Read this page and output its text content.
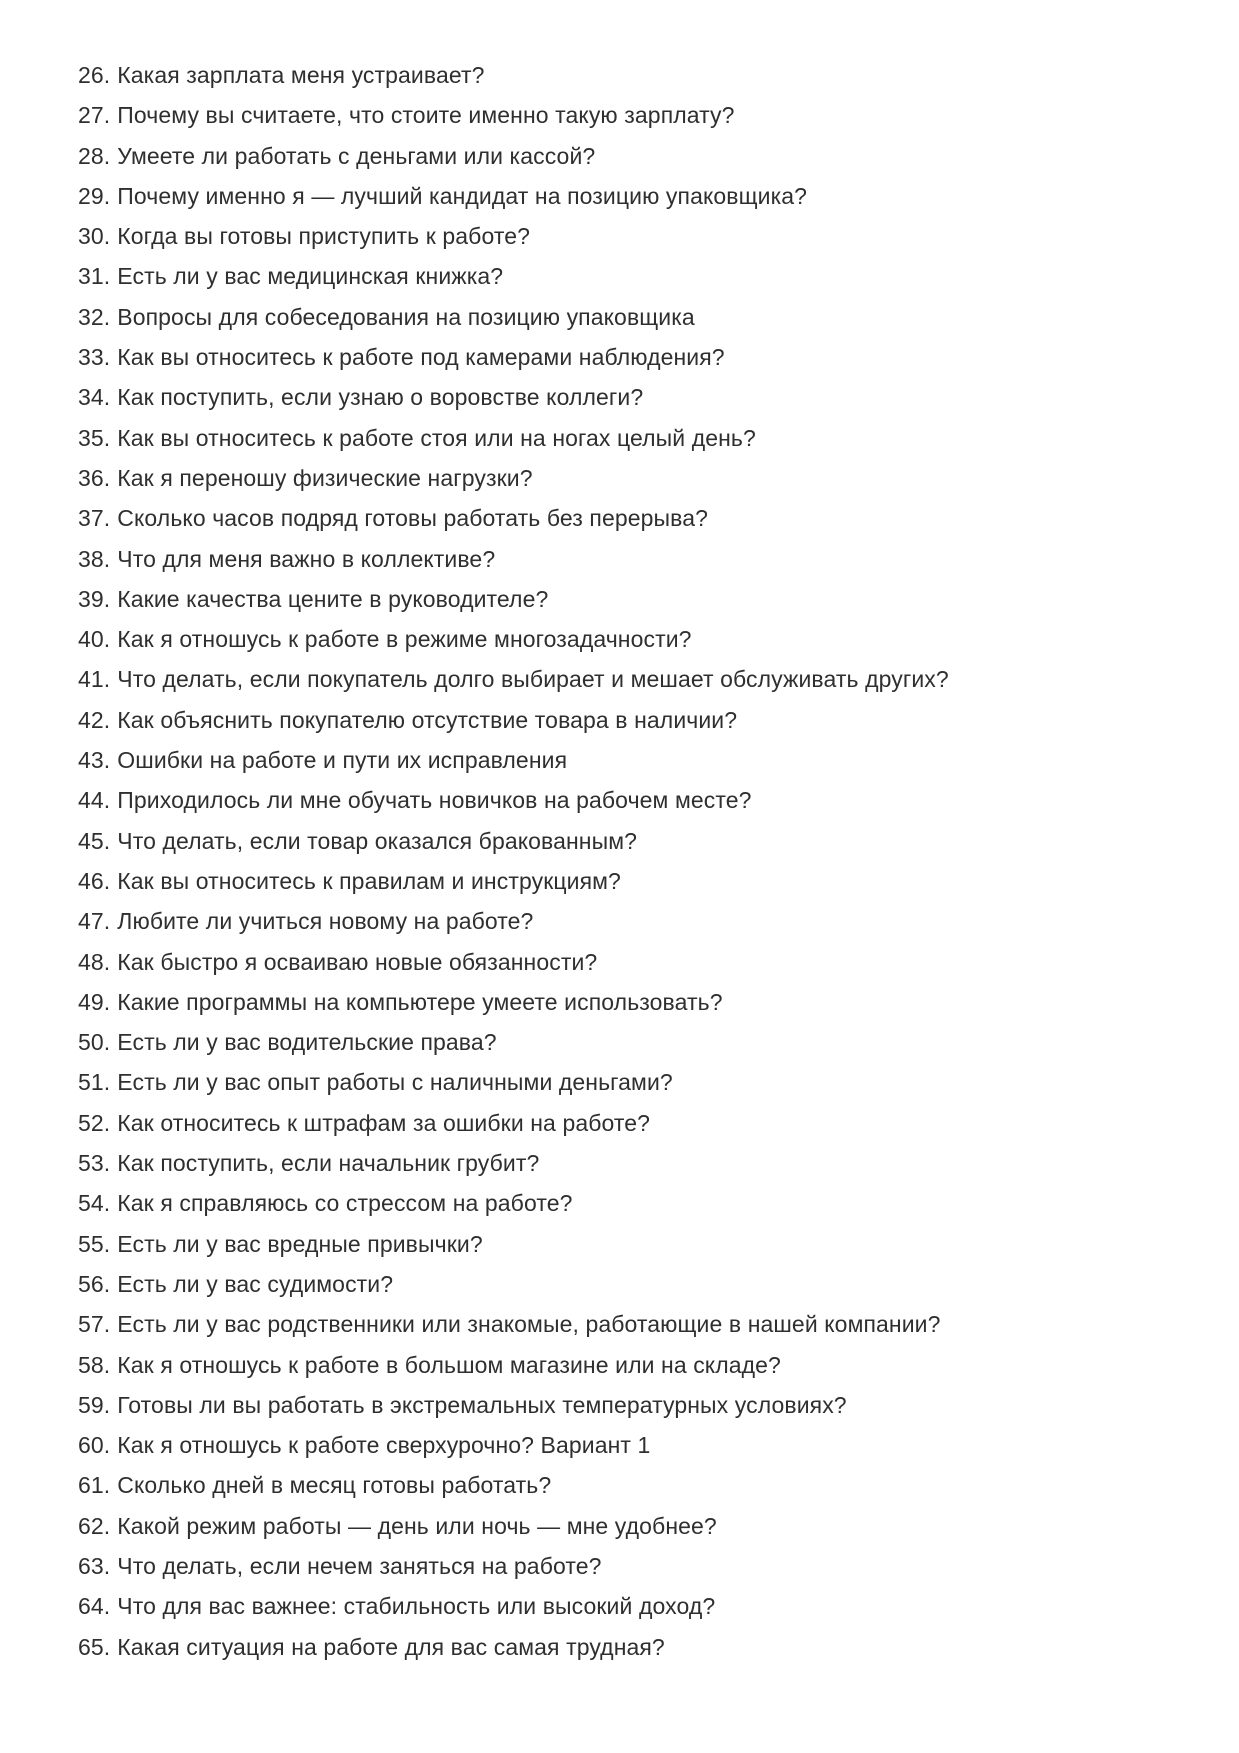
26. Какая зарплата меня устраивает?
27. Почему вы считаете, что стоите именно такую зарплату?
28. Умеете ли работать с деньгами или кассой?
29. Почему именно я — лучший кандидат на позицию упаковщика?
30. Когда вы готовы приступить к работе?
31. Есть ли у вас медицинская книжка?
32. Вопросы для собеседования на позицию упаковщика
33. Как вы относитесь к работе под камерами наблюдения?
34. Как поступить, если узнаю о воровстве коллеги?
35. Как вы относитесь к работе стоя или на ногах целый день?
36. Как я переношу физические нагрузки?
37. Сколько часов подряд готовы работать без перерыва?
38. Что для меня важно в коллективе?
39. Какие качества цените в руководителе?
40. Как я отношусь к работе в режиме многозадачности?
41. Что делать, если покупатель долго выбирает и мешает обслуживать других?
42. Как объяснить покупателю отсутствие товара в наличии?
43. Ошибки на работе и пути их исправления
44. Приходилось ли мне обучать новичков на рабочем месте?
45. Что делать, если товар оказался бракованным?
46. Как вы относитесь к правилам и инструкциям?
47. Любите ли учиться новому на работе?
48. Как быстро я осваиваю новые обязанности?
49. Какие программы на компьютере умеете использовать?
50. Есть ли у вас водительские права?
51. Есть ли у вас опыт работы с наличными деньгами?
52. Как относитесь к штрафам за ошибки на работе?
53. Как поступить, если начальник грубит?
54. Как я справляюсь со стрессом на работе?
55. Есть ли у вас вредные привычки?
56. Есть ли у вас судимости?
57. Есть ли у вас родственники или знакомые, работающие в нашей компании?
58. Как я отношусь к работе в большом магазине или на складе?
59. Готовы ли вы работать в экстремальных температурных условиях?
60. Как я отношусь к работе сверхурочно? Вариант 1
61. Сколько дней в месяц готовы работать?
62. Какой режим работы — день или ночь — мне удобнее?
63. Что делать, если нечем заняться на работе?
64. Что для вас важнее: стабильность или высокий доход?
65. Какая ситуация на работе для вас самая трудная?
